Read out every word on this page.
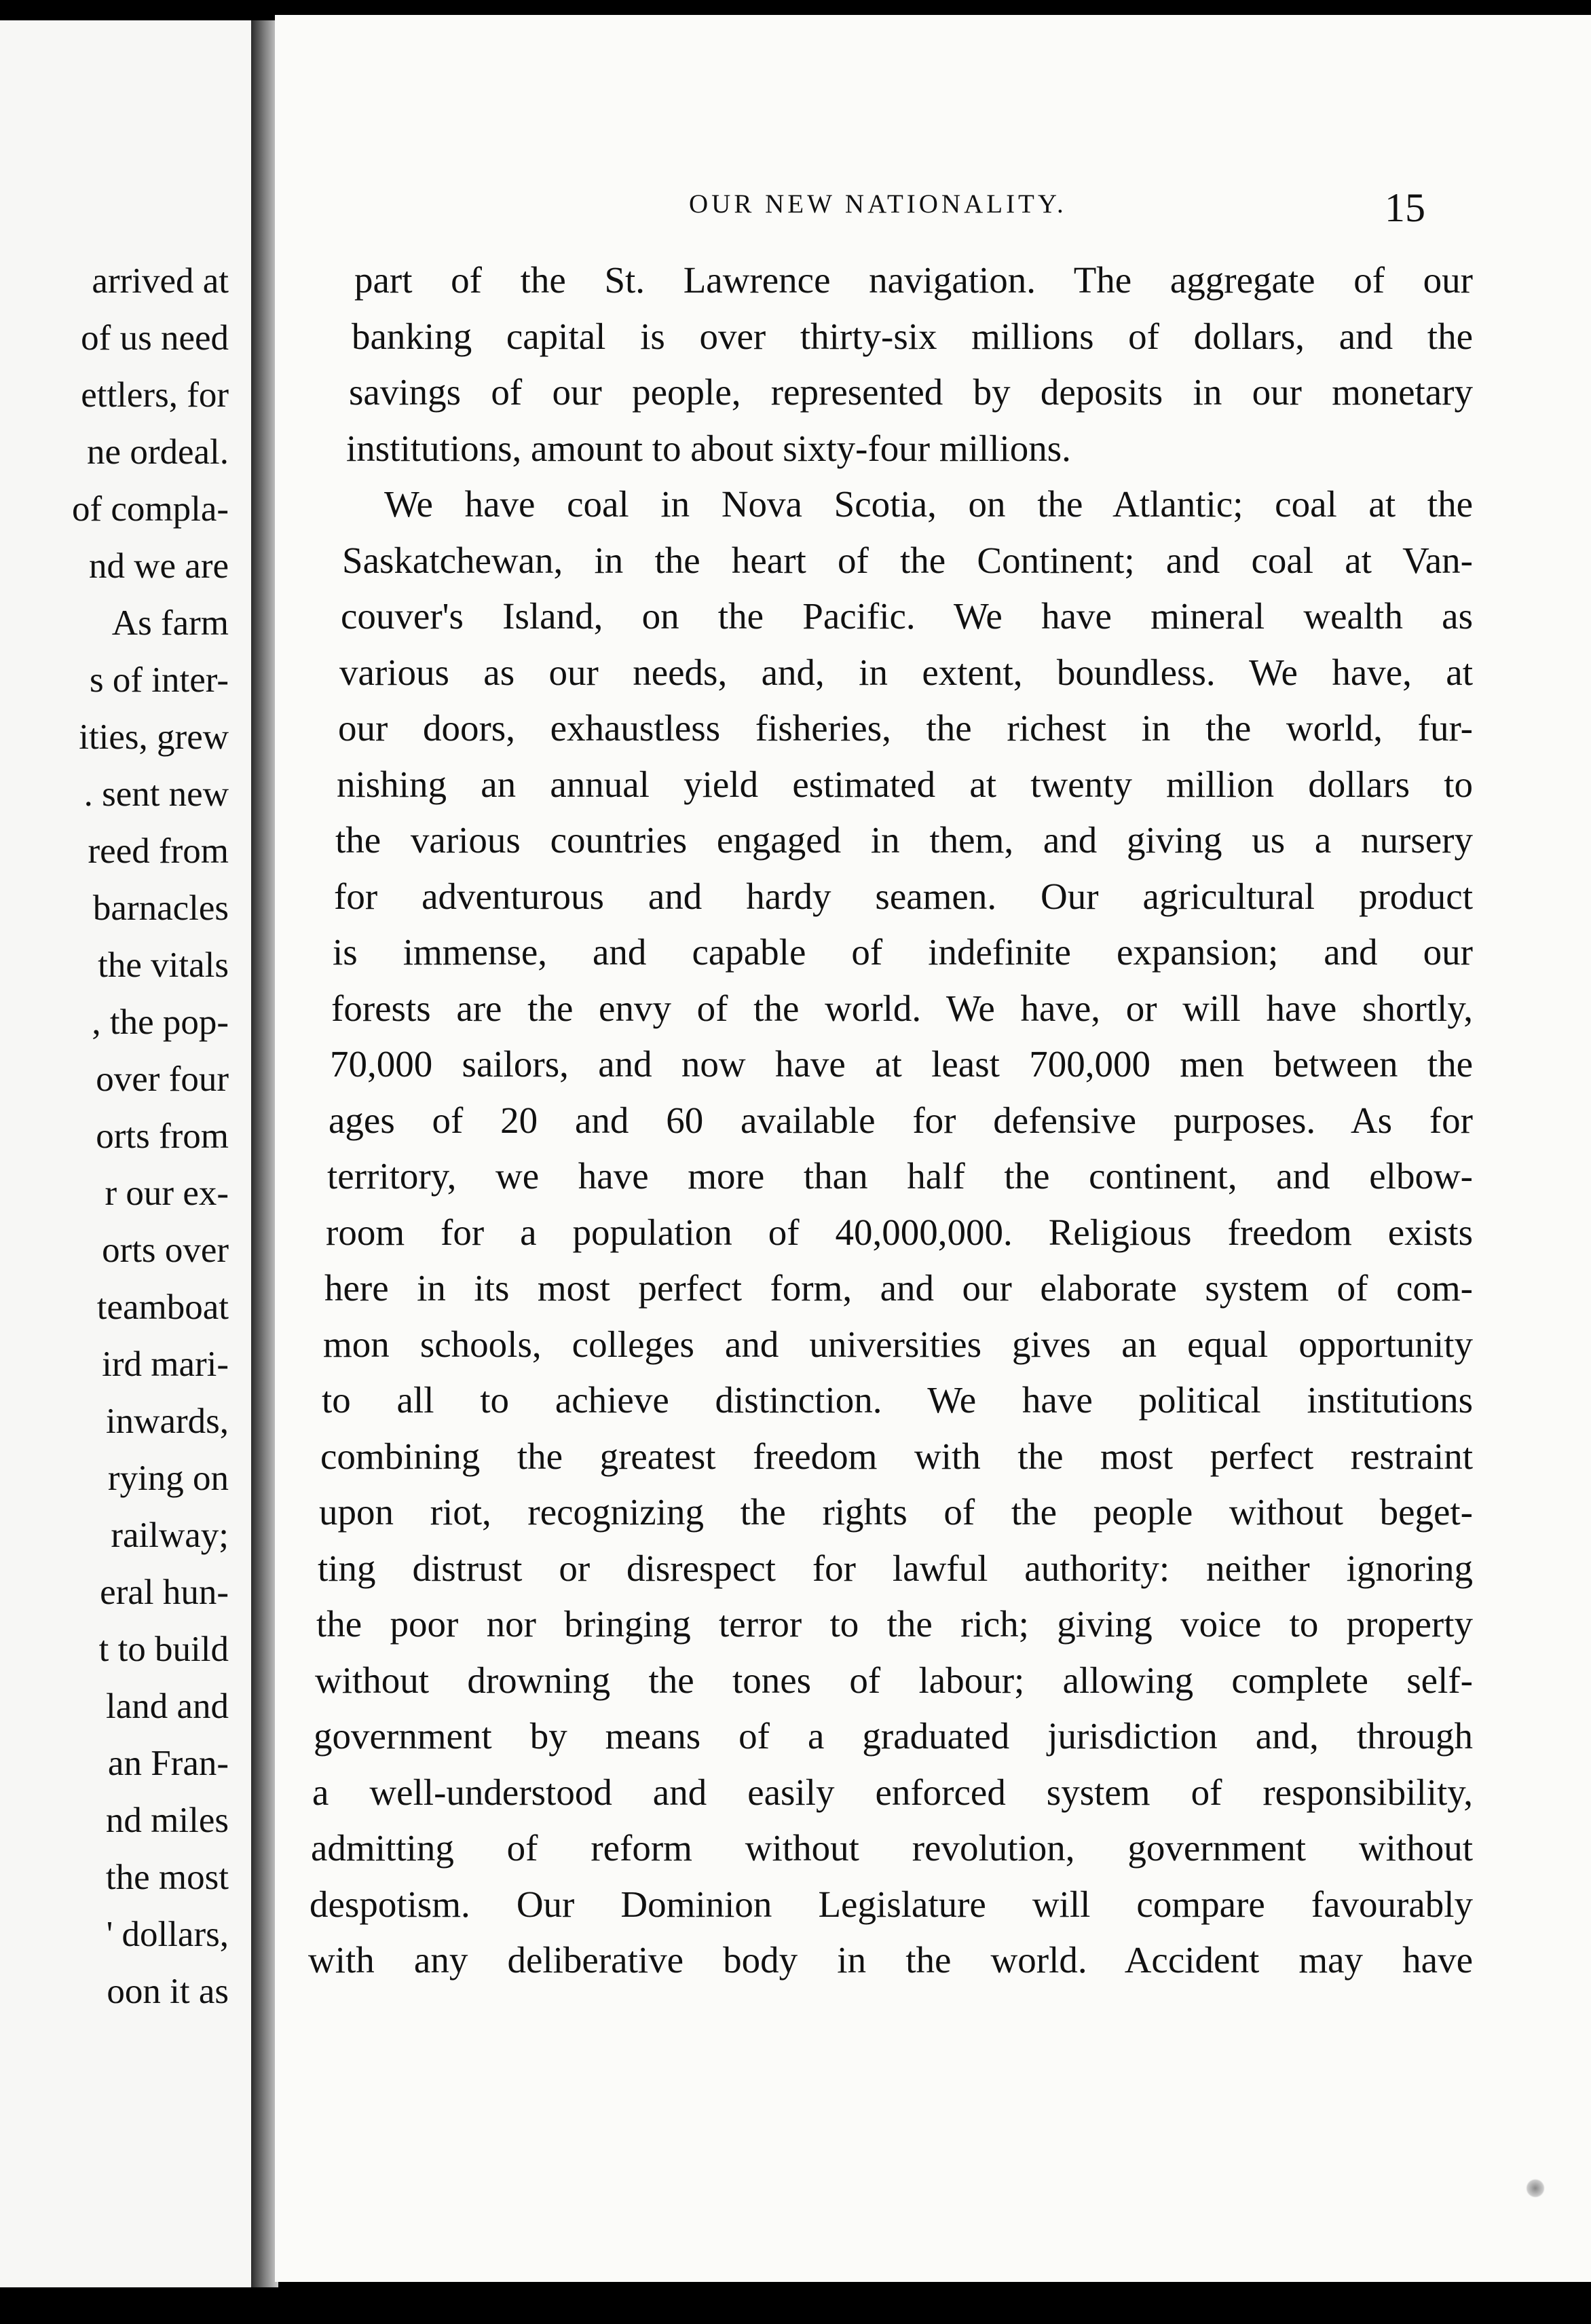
arrived at
of us need
ettlers, for
ne ordeal.
of compla-
nd we are
As farm
s of inter-
ities, grew
. sent new
reed from
barnacles
the vitals
, the pop-
over four
orts from
r our ex-
orts over
teamboat
ird mari-
inwards,
rying on
railway;
eral hun-
t to build
land and
an Fran-
nd miles
the most
' dollars,
oon it as
OUR NEW NATIONALITY.	15
part of the St. Lawrence navigation. The aggregate of our
banking capital is over thirty-six millions of dollars, and the
savings of our people, represented by deposits in our monetary
institutions, amount to about sixty-four millions.
We have coal in Nova Scotia, on the Atlantic; coal at the
Saskatchewan, in the heart of the Continent; and coal at Van-
couver's Island, on the Pacific. We have mineral wealth as
various as our needs, and, in extent, boundless. We have, at
our doors, exhaustless fisheries, the richest in the world, fur-
nishing an annual yield estimated at twenty million dollars to
the various countries engaged in them, and giving us a nursery
for adventurous and hardy seamen. Our agricultural product
is immense, and capable of indefinite expansion; and our
forests are the envy of the world. We have, or will have shortly,
70,000 sailors, and now have at least 700,000 men between the
ages of 20 and 60 available for defensive purposes. As for
territory, we have more than half the continent, and elbow-
room for a population of 40,000,000. Religious freedom exists
here in its most perfect form, and our elaborate system of com-
mon schools, colleges and universities gives an equal opportunity
to all to achieve distinction. We have political institutions
combining the greatest freedom with the most perfect restraint
upon riot, recognizing the rights of the people without beget-
ting distrust or disrespect for lawful authority: neither ignoring
the poor nor bringing terror to the rich; giving voice to property
without drowning the tones of labour; allowing complete self-
government by means of a graduated jurisdiction and, through
a well-understood and easily enforced system of responsibility,
admitting of reform without revolution, government without
despotism. Our Dominion Legislature will compare favourably
with any deliberative body in the world. Accident may have
